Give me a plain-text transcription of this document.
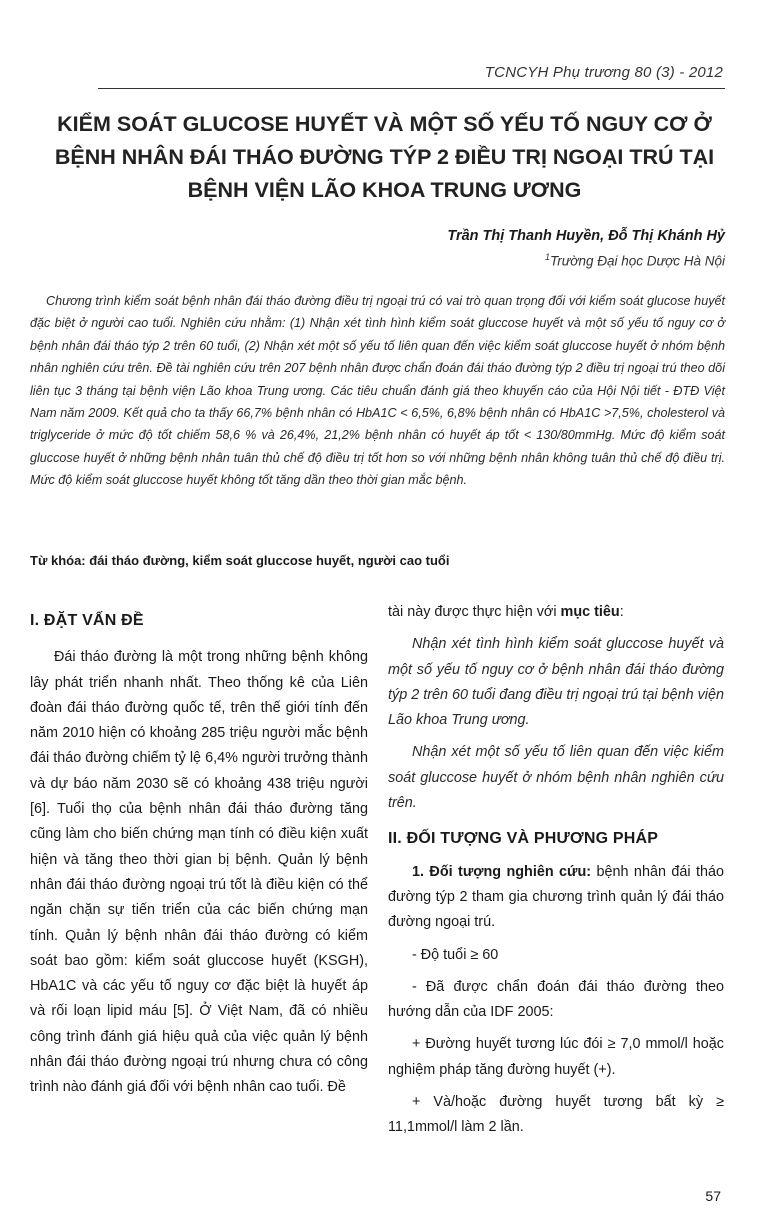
TCNCYH Phụ trương 80 (3) - 2012
KIỂM SOÁT GLUCOSE HUYẾT VÀ MỘT SỐ YẾU TỐ NGUY CƠ Ở
BỆNH NHÂN ĐÁI THÁO ĐƯỜNG TÝP 2 ĐIỀU TRỊ NGOẠI TRÚ TẠI
BỆNH VIỆN LÃO KHOA TRUNG ƯƠNG
Trần Thị Thanh Huyền, Đỗ Thị Khánh Hỷ
$^1$Trường Đại học Dược Hà Nội
Chương trình kiểm soát bệnh nhân đái tháo đường điều trị ngoại trú có vai trò quan trọng đối với kiểm soát glucose huyết đặc biệt ở người cao tuổi. Nghiên cứu nhằm: (1) Nhận xét tình hình kiểm soát gluccose huyết và một số yếu tố nguy cơ ở bệnh nhân đái tháo týp 2 trên 60 tuổi, (2) Nhận xét một số yếu tố liên quan đến việc kiểm soát gluccose huyết ở nhóm bệnh nhân nghiên cứu trên. Đề tài nghiên cứu trên 207 bệnh nhân được chẩn đoán đái tháo đường týp 2 điều trị ngoại trú theo dõi liên tục 3 tháng tại bệnh viện Lão khoa Trung ương. Các tiêu chuẩn đánh giá theo khuyến cáo của Hội Nội tiết - ĐTĐ Việt Nam năm 2009. Kết quả cho ta thấy 66,7% bệnh nhân có HbA1C < 6,5%, 6,8% bệnh nhân có HbA1C >7,5%, cholesterol và triglyceride ở mức độ tốt chiếm 58,6 % và 26,4%, 21,2% bệnh nhân có huyết áp tốt < 130/80mmHg. Mức độ kiểm soát gluccose huyết ở những bệnh nhân tuân thủ chế độ điều trị tốt hơn so với những bệnh nhân không tuân thủ chế độ điều trị. Mức độ kiểm soát gluccose huyết không tốt tăng dần theo thời gian mắc bệnh.
Từ khóa: đái tháo đường, kiểm soát gluccose huyết, người cao tuổi
I. ĐẶT VẤN ĐỀ

Đái tháo đường là một trong những bệnh không lây phát triển nhanh nhất. Theo thống kê của Liên đoàn đái tháo đường quốc tế, trên thế giới tính đến năm 2010 hiện có khoảng 285 triệu người mắc bệnh đái tháo đường chiếm tỷ lệ 6,4% người trưởng thành và dự báo năm 2030 sẽ có khoảng 438 triệu người [6]. Tuổi thọ của bệnh nhân đái tháo đường tăng cũng làm cho biến chứng mạn tính có điều kiện xuất hiện và tăng theo thời gian bị bệnh. Quản lý bệnh nhân đái tháo đường ngoại trú tốt là điều kiện có thể ngăn chặn sự tiến triển của các biến chứng mạn tính. Quản lý bệnh nhân đái tháo đường có kiểm soát bao gồm: kiểm soát gluccose huyết (KSGH), HbA1C và các yếu tố nguy cơ đặc biệt là huyết áp và rối loạn lipid máu [5]. Ở Việt Nam, đã có nhiều công trình đánh giá hiệu quả của việc quản lý bệnh nhân đái tháo đường ngoại trú nhưng chưa có công trình nào đánh giá đối với bệnh nhân cao tuổi. Đề

tài này được thực hiện với mục tiêu:

Nhận xét tình hình kiểm soát gluccose huyết và một số yếu tố nguy cơ ở bệnh nhân đái tháo đường týp 2 trên 60 tuổi đang điều trị ngoại trú tại bệnh viện Lão khoa Trung ương.

Nhận xét một số yếu tố liên quan đến việc kiểm soát gluccose huyết ở nhóm bệnh nhân nghiên cứu trên.

II. ĐỐI TƯỢNG VÀ PHƯƠNG PHÁP

1. Đối tượng nghiên cứu: bệnh nhân đái tháo đường týp 2 tham gia chương trình quản lý đái tháo đường ngoại trú.

- Độ tuổi ≥ 60

- Đã được chẩn đoán đái tháo đường theo hướng dẫn của IDF 2005:

+ Đường huyết tương lúc đói ≥ 7,0 mmol/l hoặc nghiệm pháp tăng đường huyết (+).

+ Và/hoặc đường huyết tương bất kỳ ≥ 11,1mmol/l làm 2 lần.

57
